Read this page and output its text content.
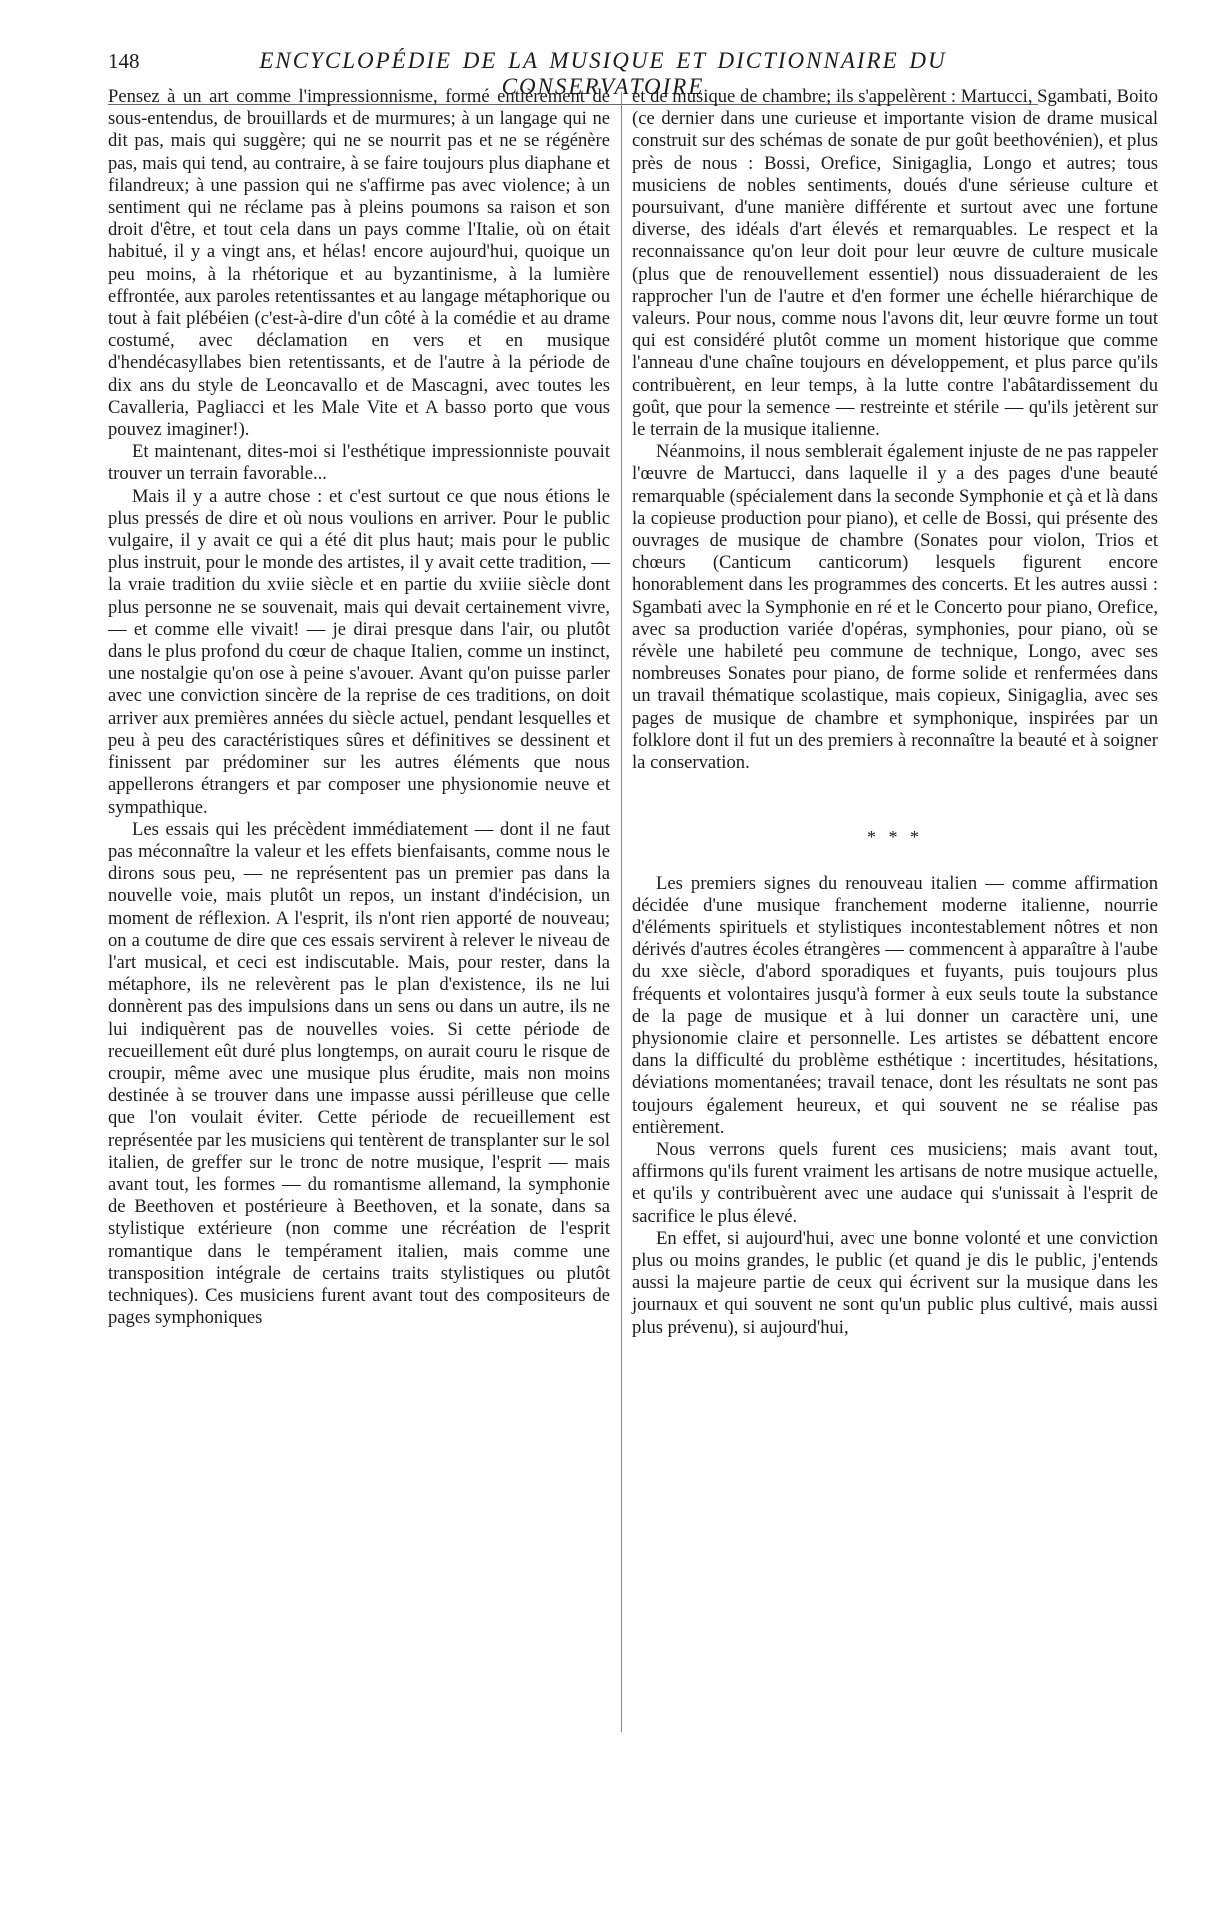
148	ENCYCLOPÉDIE DE LA MUSIQUE ET DICTIONNAIRE DU CONSERVATOIRE

Pensez à un art comme l'impressionnisme, formé entièrement de sous-entendus, de brouillards et de murmures; à un langage qui ne dit pas, mais qui suggère; qui ne se nourrit pas et ne se régénère pas, mais qui tend, au contraire, à se faire toujours plus diaphane et filandreux; à une passion qui ne s'affirme pas avec violence; à un sentiment qui ne réclame pas à pleins poumons sa raison et son droit d'être, et tout cela dans un pays comme l'Italie, où on était habitué, il y a vingt ans, et hélas! encore aujourd'hui, quoique un peu moins, à la rhétorique et au byzantinisme, à la lumière effrontée, aux paroles retentissantes et au langage métaphorique ou tout à fait plébéien (c'est-à-dire d'un côté à la comédie et au drame costumé, avec déclamation en vers et en musique d'hendécasyllabes bien retentissants, et de l'autre à la période de dix ans du style de Leoncavallo et de Mascagni, avec toutes les Cavalleria, Pagliacci et les Male Vite et A basso porto que vous pouvez imaginer!).

Et maintenant, dites-moi si l'esthétique impressionniste pouvait trouver un terrain favorable...

Mais il y a autre chose : et c'est surtout ce que nous étions le plus pressés de dire et où nous voulions en arriver. Pour le public vulgaire, il y avait ce qui a été dit plus haut; mais pour le public plus instruit, pour le monde des artistes, il y avait cette tradition, — la vraie tradition du xviie siècle et en partie du xviiie siècle dont plus personne ne se souvenait, mais qui devait certainement vivre, — et comme elle vivait! — je dirai presque dans l'air, ou plutôt dans le plus profond du cœur de chaque Italien, comme un instinct, une nostalgie qu'on ose à peine s'avouer. Avant qu'on puisse parler avec une conviction sincère de la reprise de ces traditions, on doit arriver aux premières années du siècle actuel, pendant lesquelles et peu à peu des caractéristiques sûres et définitives se dessinent et finissent par prédominer sur les autres éléments que nous appellerons étrangers et par composer une physionomie neuve et sympathique.

Les essais qui les précèdent immédiatement — dont il ne faut pas méconnaître la valeur et les effets bienfaisants, comme nous le dirons sous peu, — ne représentent pas un premier pas dans la nouvelle voie, mais plutôt un repos, un instant d'indécision, un moment de réflexion. A l'esprit, ils n'ont rien apporté de nouveau; on a coutume de dire que ces essais servirent à relever le niveau de l'art musical, et ceci est indiscutable. Mais, pour rester, dans la métaphore, ils ne relevèrent pas le plan d'existence, ils ne lui donnèrent pas des impulsions dans un sens ou dans un autre, ils ne lui indiquèrent pas de nouvelles voies. Si cette période de recueillement eût duré plus longtemps, on aurait couru le risque de croupir, même avec une musique plus érudite, mais non moins destinée à se trouver dans une impasse aussi périlleuse que celle que l'on voulait éviter. Cette période de recueillement est représentée par les musiciens qui tentèrent de transplanter sur le sol italien, de greffer sur le tronc de notre musique, l'esprit — mais avant tout, les formes — du romantisme allemand, la symphonie de Beethoven et postérieure à Beethoven, et la sonate, dans sa stylistique extérieure (non comme une récréation de l'esprit romantique dans le tempérament italien, mais comme une transposition intégrale de certains traits stylistiques ou plutôt techniques). Ces musiciens furent avant tout des compositeurs de pages symphoniques

et de musique de chambre; ils s'appelèrent : Martucci, Sgambati, Boito (ce dernier dans une curieuse et importante vision de drame musical construit sur des schémas de sonate de pur goût beethovénien), et plus près de nous : Bossi, Orefice, Sinigaglia, Longo et autres; tous musiciens de nobles sentiments, doués d'une sérieuse culture et poursuivant, d'une manière différente et surtout avec une fortune diverse, des idéals d'art élevés et remarquables. Le respect et la reconnaissance qu'on leur doit pour leur œuvre de culture musicale (plus que de renouvellement essentiel) nous dissuaderaient de les rapprocher l'un de l'autre et d'en former une échelle hiérarchique de valeurs. Pour nous, comme nous l'avons dit, leur œuvre forme un tout qui est considéré plutôt comme un moment historique que comme l'anneau d'une chaîne toujours en développement, et plus parce qu'ils contribuèrent, en leur temps, à la lutte contre l'abâtardissement du goût, que pour la semence — restreinte et stérile — qu'ils jetèrent sur le terrain de la musique italienne.

Néanmoins, il nous semblerait également injuste de ne pas rappeler l'œuvre de Martucci, dans laquelle il y a des pages d'une beauté remarquable (spécialement dans la seconde Symphonie et çà et là dans la copieuse production pour piano), et celle de Bossi, qui présente des ouvrages de musique de chambre (Sonates pour violon, Trios et chœurs (Canticum canticorum) lesquels figurent encore honorablement dans les programmes des concerts. Et les autres aussi : Sgambati avec la Symphonie en ré et le Concerto pour piano, Orefice, avec sa production variée d'opéras, symphonies, pour piano, où se révèle une habileté peu commune de technique, Longo, avec ses nombreuses Sonates pour piano, de forme solide et renfermées dans un travail thématique scolastique, mais copieux, Sinigaglia, avec ses pages de musique de chambre et symphonique, inspirées par un folklore dont il fut un des premiers à reconnaître la beauté et à soigner la conservation.

* * *

Les premiers signes du renouveau italien — comme affirmation décidée d'une musique franchement moderne italienne, nourrie d'éléments spirituels et stylistiques incontestablement nôtres et non dérivés d'autres écoles étrangères — commencent à apparaître à l'aube du xxe siècle, d'abord sporadiques et fuyants, puis toujours plus fréquents et volontaires jusqu'à former à eux seuls toute la substance de la page de musique et à lui donner un caractère uni, une physionomie claire et personnelle. Les artistes se débattent encore dans la difficulté du problème esthétique : incertitudes, hésitations, déviations momentanées; travail tenace, dont les résultats ne sont pas toujours également heureux, et qui souvent ne se réalise pas entièrement.

Nous verrons quels furent ces musiciens; mais avant tout, affirmons qu'ils furent vraiment les artisans de notre musique actuelle, et qu'ils y contribuèrent avec une audace qui s'unissait à l'esprit de sacrifice le plus élevé.

En effet, si aujourd'hui, avec une bonne volonté et une conviction plus ou moins grandes, le public (et quand je dis le public, j'entends aussi la majeure partie de ceux qui écrivent sur la musique dans les journaux et qui souvent ne sont qu'un public plus cultivé, mais aussi plus prévenu), si aujourd'hui,
